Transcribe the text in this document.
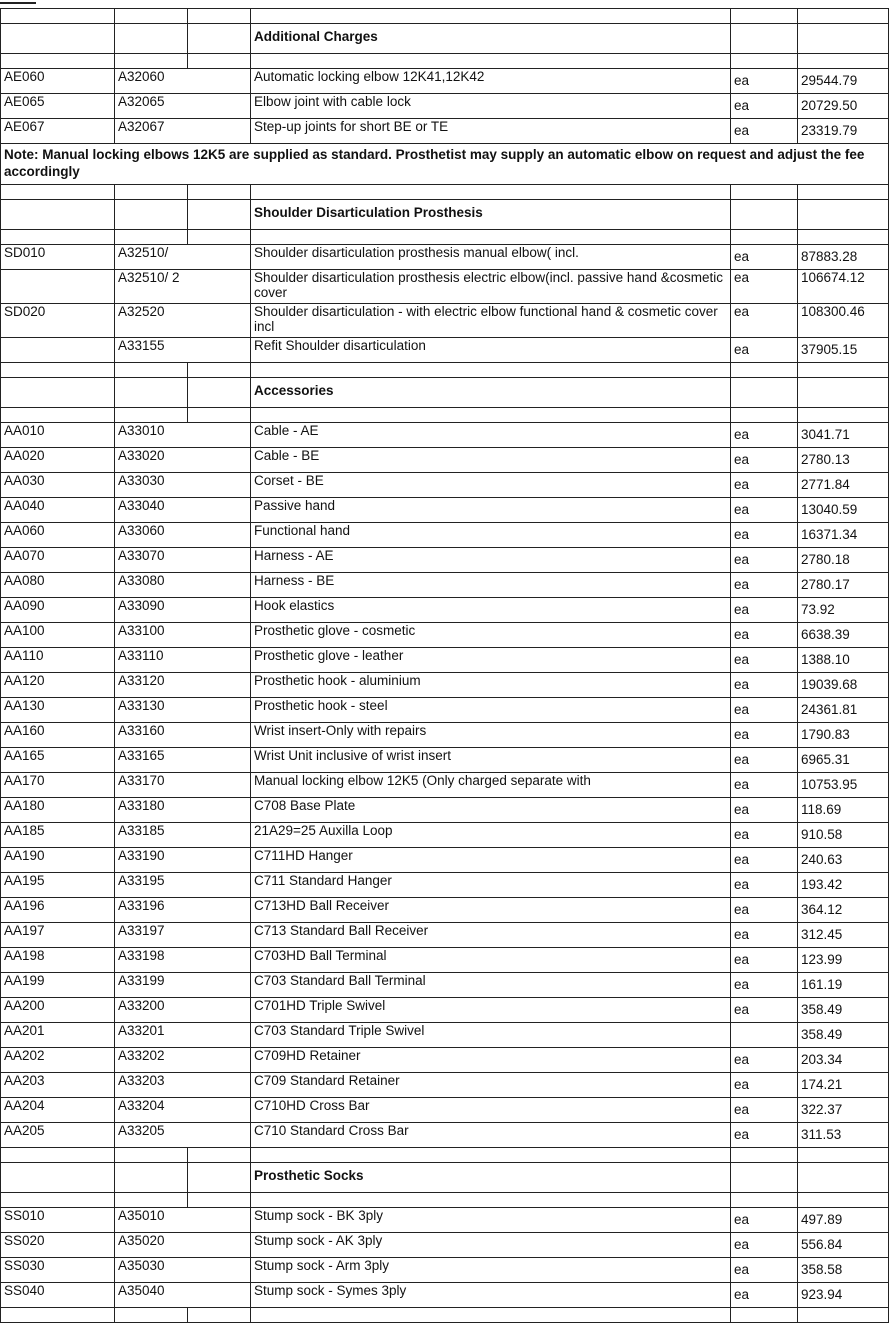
			Additional Charges		

AE060	A32060		Automatic locking elbow 12K41,12K42	ea	29544.79
AE065	A32065		Elbow joint with cable lock	ea	20729.50
AE067	A32067		Step-up joints for short BE or TE	ea	23319.79
Note: Manual locking elbows 12K5 are supplied as standard. Prosthetist may supply an automatic elbow on request and adjust the fee accordingly					

			Shoulder Disarticulation Prosthesis		

SD010	A32510/		Shoulder disarticulation prosthesis manual elbow( incl.	ea	87883.28
	A32510/ 2		Shoulder disarticulation prosthesis electric elbow(incl. passive hand &cosmetic cover	ea	106674.12
SD020	A32520		Shoulder disarticulation - with electric elbow functional hand & cosmetic cover incl	ea	108300.46
	A33155		Refit Shoulder disarticulation	ea	37905.15

			Accessories		

AA010	A33010		Cable - AE	ea	3041.71
AA020	A33020		Cable - BE	ea	2780.13
AA030	A33030		Corset - BE	ea	2771.84
AA040	A33040		Passive hand	ea	13040.59
AA060	A33060		Functional hand	ea	16371.34
AA070	A33070		Harness - AE	ea	2780.18
AA080	A33080		Harness - BE	ea	2780.17
AA090	A33090		Hook elastics	ea	73.92
AA100	A33100		Prosthetic glove - cosmetic	ea	6638.39
AA110	A33110		Prosthetic glove - leather	ea	1388.10
AA120	A33120		Prosthetic hook - aluminium	ea	19039.68
AA130	A33130		Prosthetic hook - steel	ea	24361.81
AA160	A33160		Wrist insert-Only with repairs	ea	1790.83
AA165	A33165		Wrist Unit inclusive of wrist insert	ea	6965.31
AA170	A33170		Manual locking elbow 12K5 (Only charged separate with	ea	10753.95
AA180	A33180		C708 Base Plate	ea	118.69
AA185	A33185		21A29=25 Auxilla Loop	ea	910.58
AA190	A33190		C711HD Hanger	ea	240.63
AA195	A33195		C711 Standard Hanger	ea	193.42
AA196	A33196		C713HD Ball Receiver	ea	364.12
AA197	A33197		C713 Standard Ball Receiver	ea	312.45
AA198	A33198		C703HD Ball Terminal	ea	123.99
AA199	A33199		C703 Standard Ball Terminal	ea	161.19
AA200	A33200		C701HD Triple Swivel	ea	358.49
AA201	A33201		C703 Standard Triple Swivel		358.49
AA202	A33202		C709HD Retainer	ea	203.34
AA203	A33203		C709 Standard Retainer	ea	174.21
AA204	A33204		C710HD Cross Bar	ea	322.37
AA205	A33205		C710 Standard Cross Bar	ea	311.53

			Prosthetic Socks		

SS010	A35010		Stump sock - BK 3ply	ea	497.89
SS020	A35020		Stump sock - AK 3ply	ea	556.84
SS030	A35030		Stump sock - Arm 3ply	ea	358.58
SS040	A35040		Stump sock - Symes 3ply	ea	923.94
